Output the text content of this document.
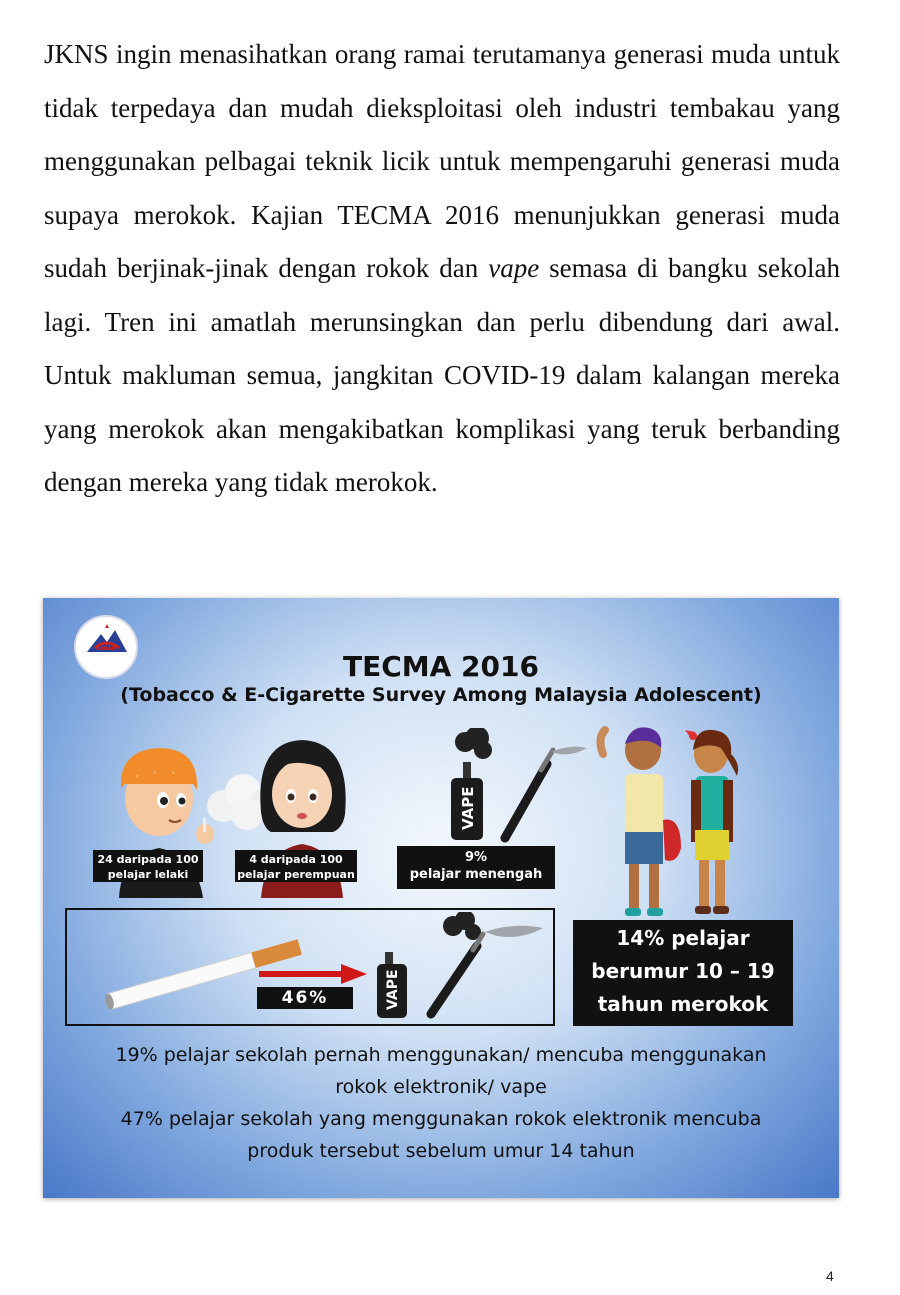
JKNS ingin menasihatkan orang ramai terutamanya generasi muda untuk tidak terpedaya dan mudah dieksploitasi oleh industri tembakau yang menggunakan pelbagai teknik licik untuk mempengaruhi generasi muda supaya merokok. Kajian TECMA 2016 menunjukkan generasi muda sudah berjinak-jinak dengan rokok dan vape semasa di bangku sekolah lagi. Tren ini amatlah merunsingkan dan perlu dibendung dari awal. Untuk makluman semua, jangkitan COVID-19 dalam kalangan mereka yang merokok akan mengakibatkan komplikasi yang teruk berbanding dengan mereka yang tidak merokok.
SABAH
TECMA 2016
(Tobacco & E-Cigarette Survey Among Malaysia Adolescent)
24 daripada 100
pelajar lelaki
4 daripada 100
pelajar perempuan
VAPE
9%
pelajar menengah
46%	VAPE
14% pelajar
berumur 10 – 19
tahun merokok
19% pelajar sekolah pernah menggunakan/ mencuba menggunakan
rokok elektronik/ vape
47% pelajar sekolah yang menggunakan rokok elektronik mencuba
produk tersebut sebelum umur 14 tahun
4
